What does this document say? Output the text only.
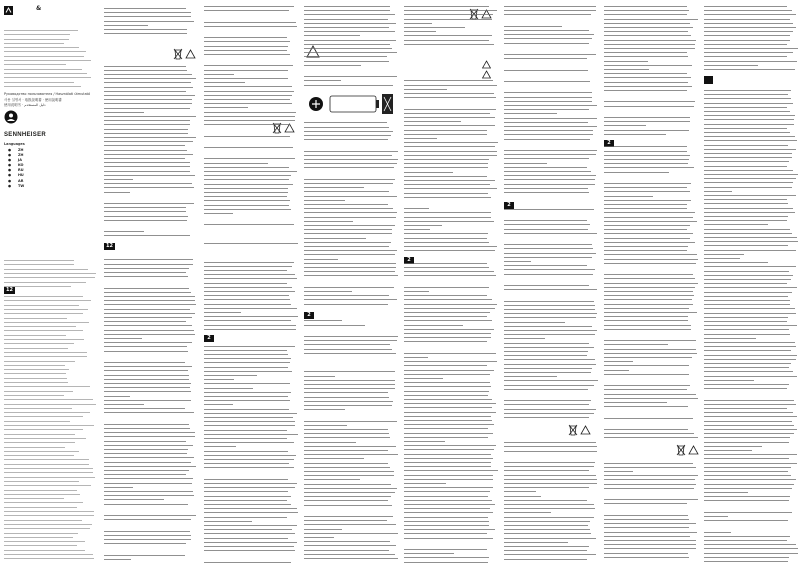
&
Руководство пользователя / Használati útmutató
사용 설명서 · 取扱説明書 · 使用說明書
使用说明书 · دليل المستخدم
SENNHEISER
Languages
● ZH
● ZH
● JA
● KO
● RU
● HU
● AR
● TW
12
12
2
2
2
2
2
